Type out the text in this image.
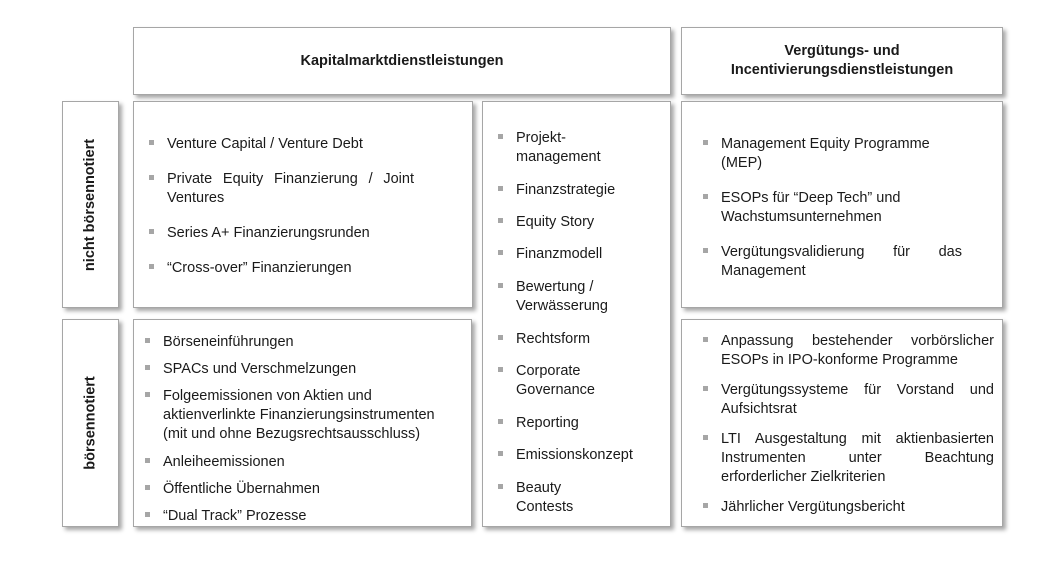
Kapitalmarktdienstleistungen
Vergütungs- und
Incentivierungsdienstleistungen
nicht börsennotiert
börsennotiert
Venture Capital / Venture Debt
Private Equity Finanzierung / Joint Ventures
Series A+ Finanzierungsrunden
“Cross-over” Finanzierungen
Börseneinführungen
SPACs und Verschmelzungen
Folgeemissionen von Aktien und aktienverlinkte Finanzierungsinstrumenten (mit und ohne Bezugsrechtsausschluss)
Anleiheemissionen
Öffentliche Übernahmen
“Dual Track” Prozesse
Projekt-management
Finanzstrategie
Equity Story
Finanzmodell
Bewertung / Verwässerung
Rechtsform
Corporate Governance
Reporting
Emissionskonzept
Beauty Contests
Management Equity Programme (MEP)
ESOPs für “Deep Tech” und Wachstumsunternehmen
Vergütungsvalidierung für das Management
Anpassung bestehender vorbörslicher ESOPs in IPO-konforme Programme
Vergütungssysteme für Vorstand und Aufsichtsrat
LTI Ausgestaltung mit aktienbasierten Instrumenten unter Beachtung erforderlicher Zielkriterien
Jährlicher Vergütungsbericht
